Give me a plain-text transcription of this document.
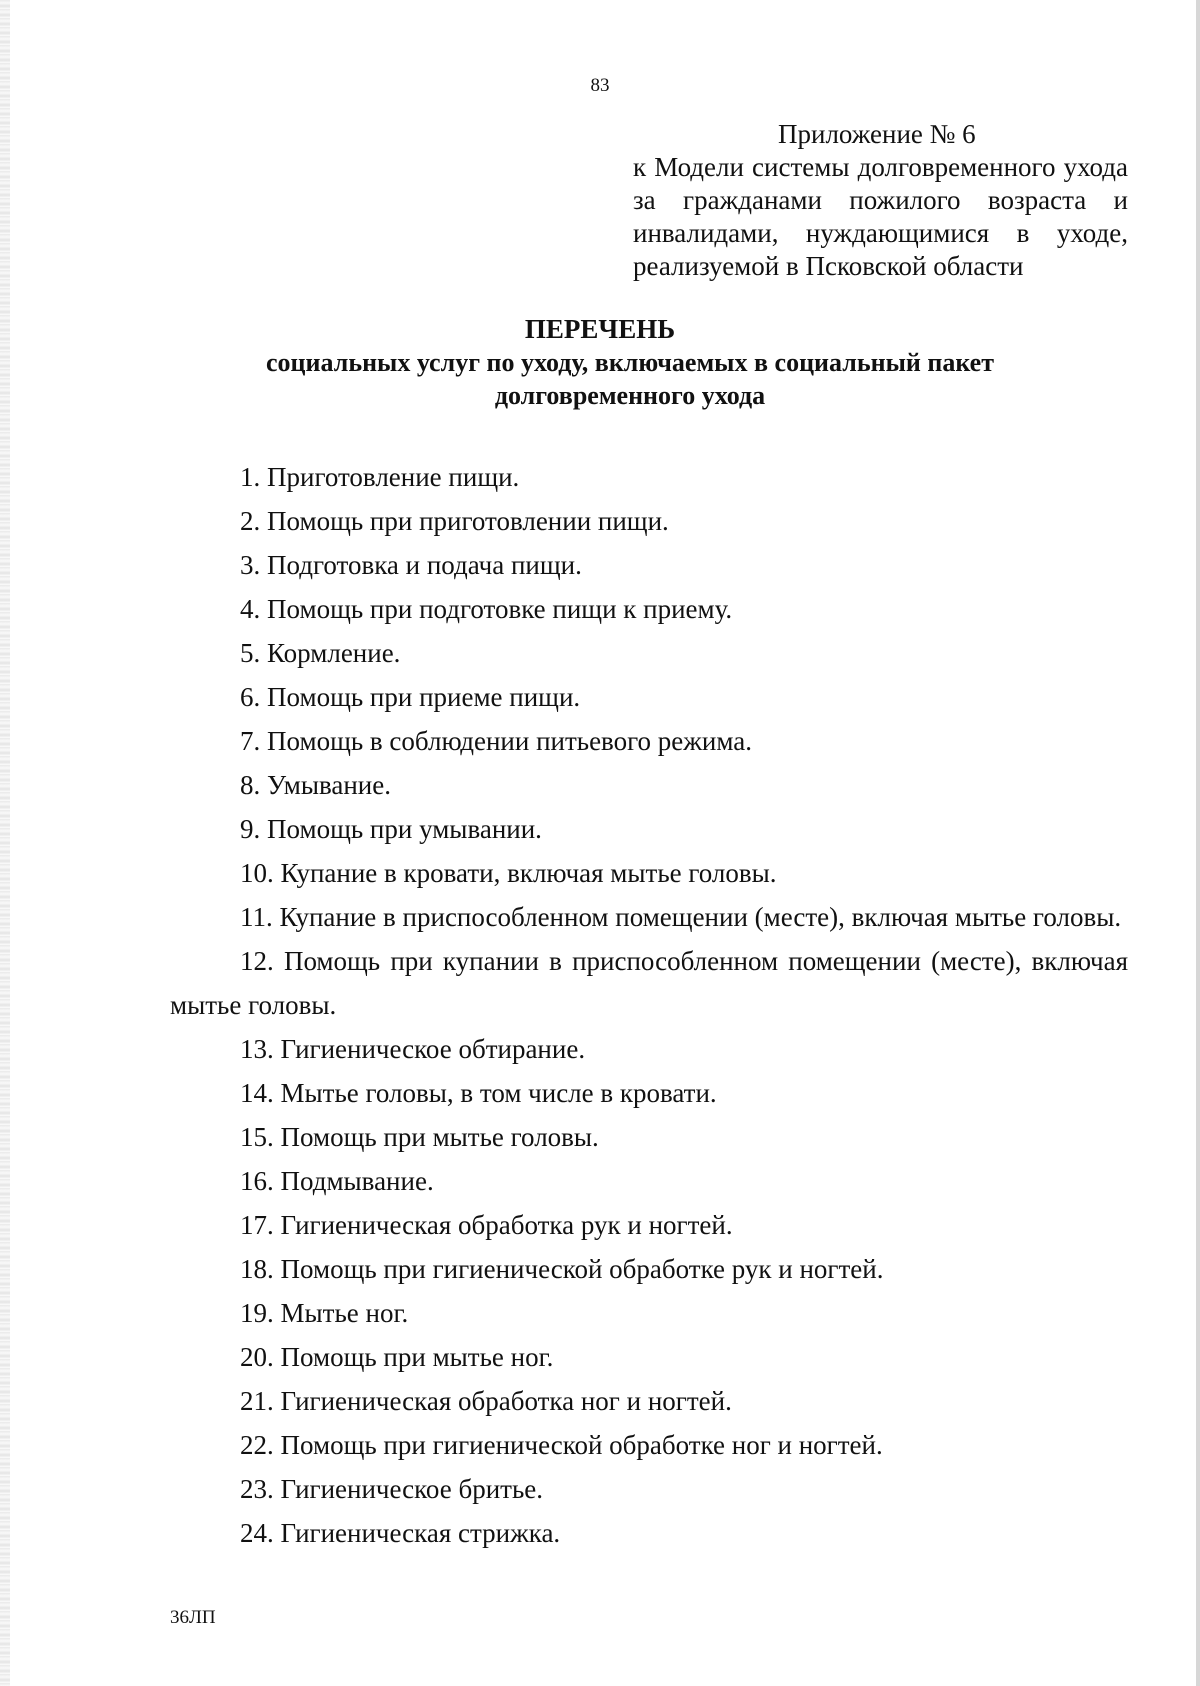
83
Приложение № 6
к Модели системы долговременного ухода за гражданами пожилого возраста и инвалидами, нуждающимися в уходе, реализуемой в Псковской области
ПЕРЕЧЕНЬ
социальных услуг по уходу, включаемых в социальный пакет долговременного ухода
1. Приготовление пищи.
2. Помощь при приготовлении пищи.
3. Подготовка и подача пищи.
4. Помощь при подготовке пищи к приему.
5. Кормление.
6. Помощь при приеме пищи.
7. Помощь в соблюдении питьевого режима.
8. Умывание.
9. Помощь при умывании.
10. Купание в кровати, включая мытье головы.
11. Купание в приспособленном помещении (месте), включая мытье головы.
12. Помощь при купании в приспособленном помещении (месте), включая мытье головы.
13. Гигиеническое обтирание.
14. Мытье головы, в том числе в кровати.
15. Помощь при мытье головы.
16. Подмывание.
17. Гигиеническая обработка рук и ногтей.
18. Помощь при гигиенической обработке рук и ногтей.
19. Мытье ног.
20. Помощь при мытье ног.
21. Гигиеническая обработка ног и ногтей.
22. Помощь при гигиенической обработке ног и ногтей.
23. Гигиеническое бритье.
24. Гигиеническая стрижка.
36ЛП
